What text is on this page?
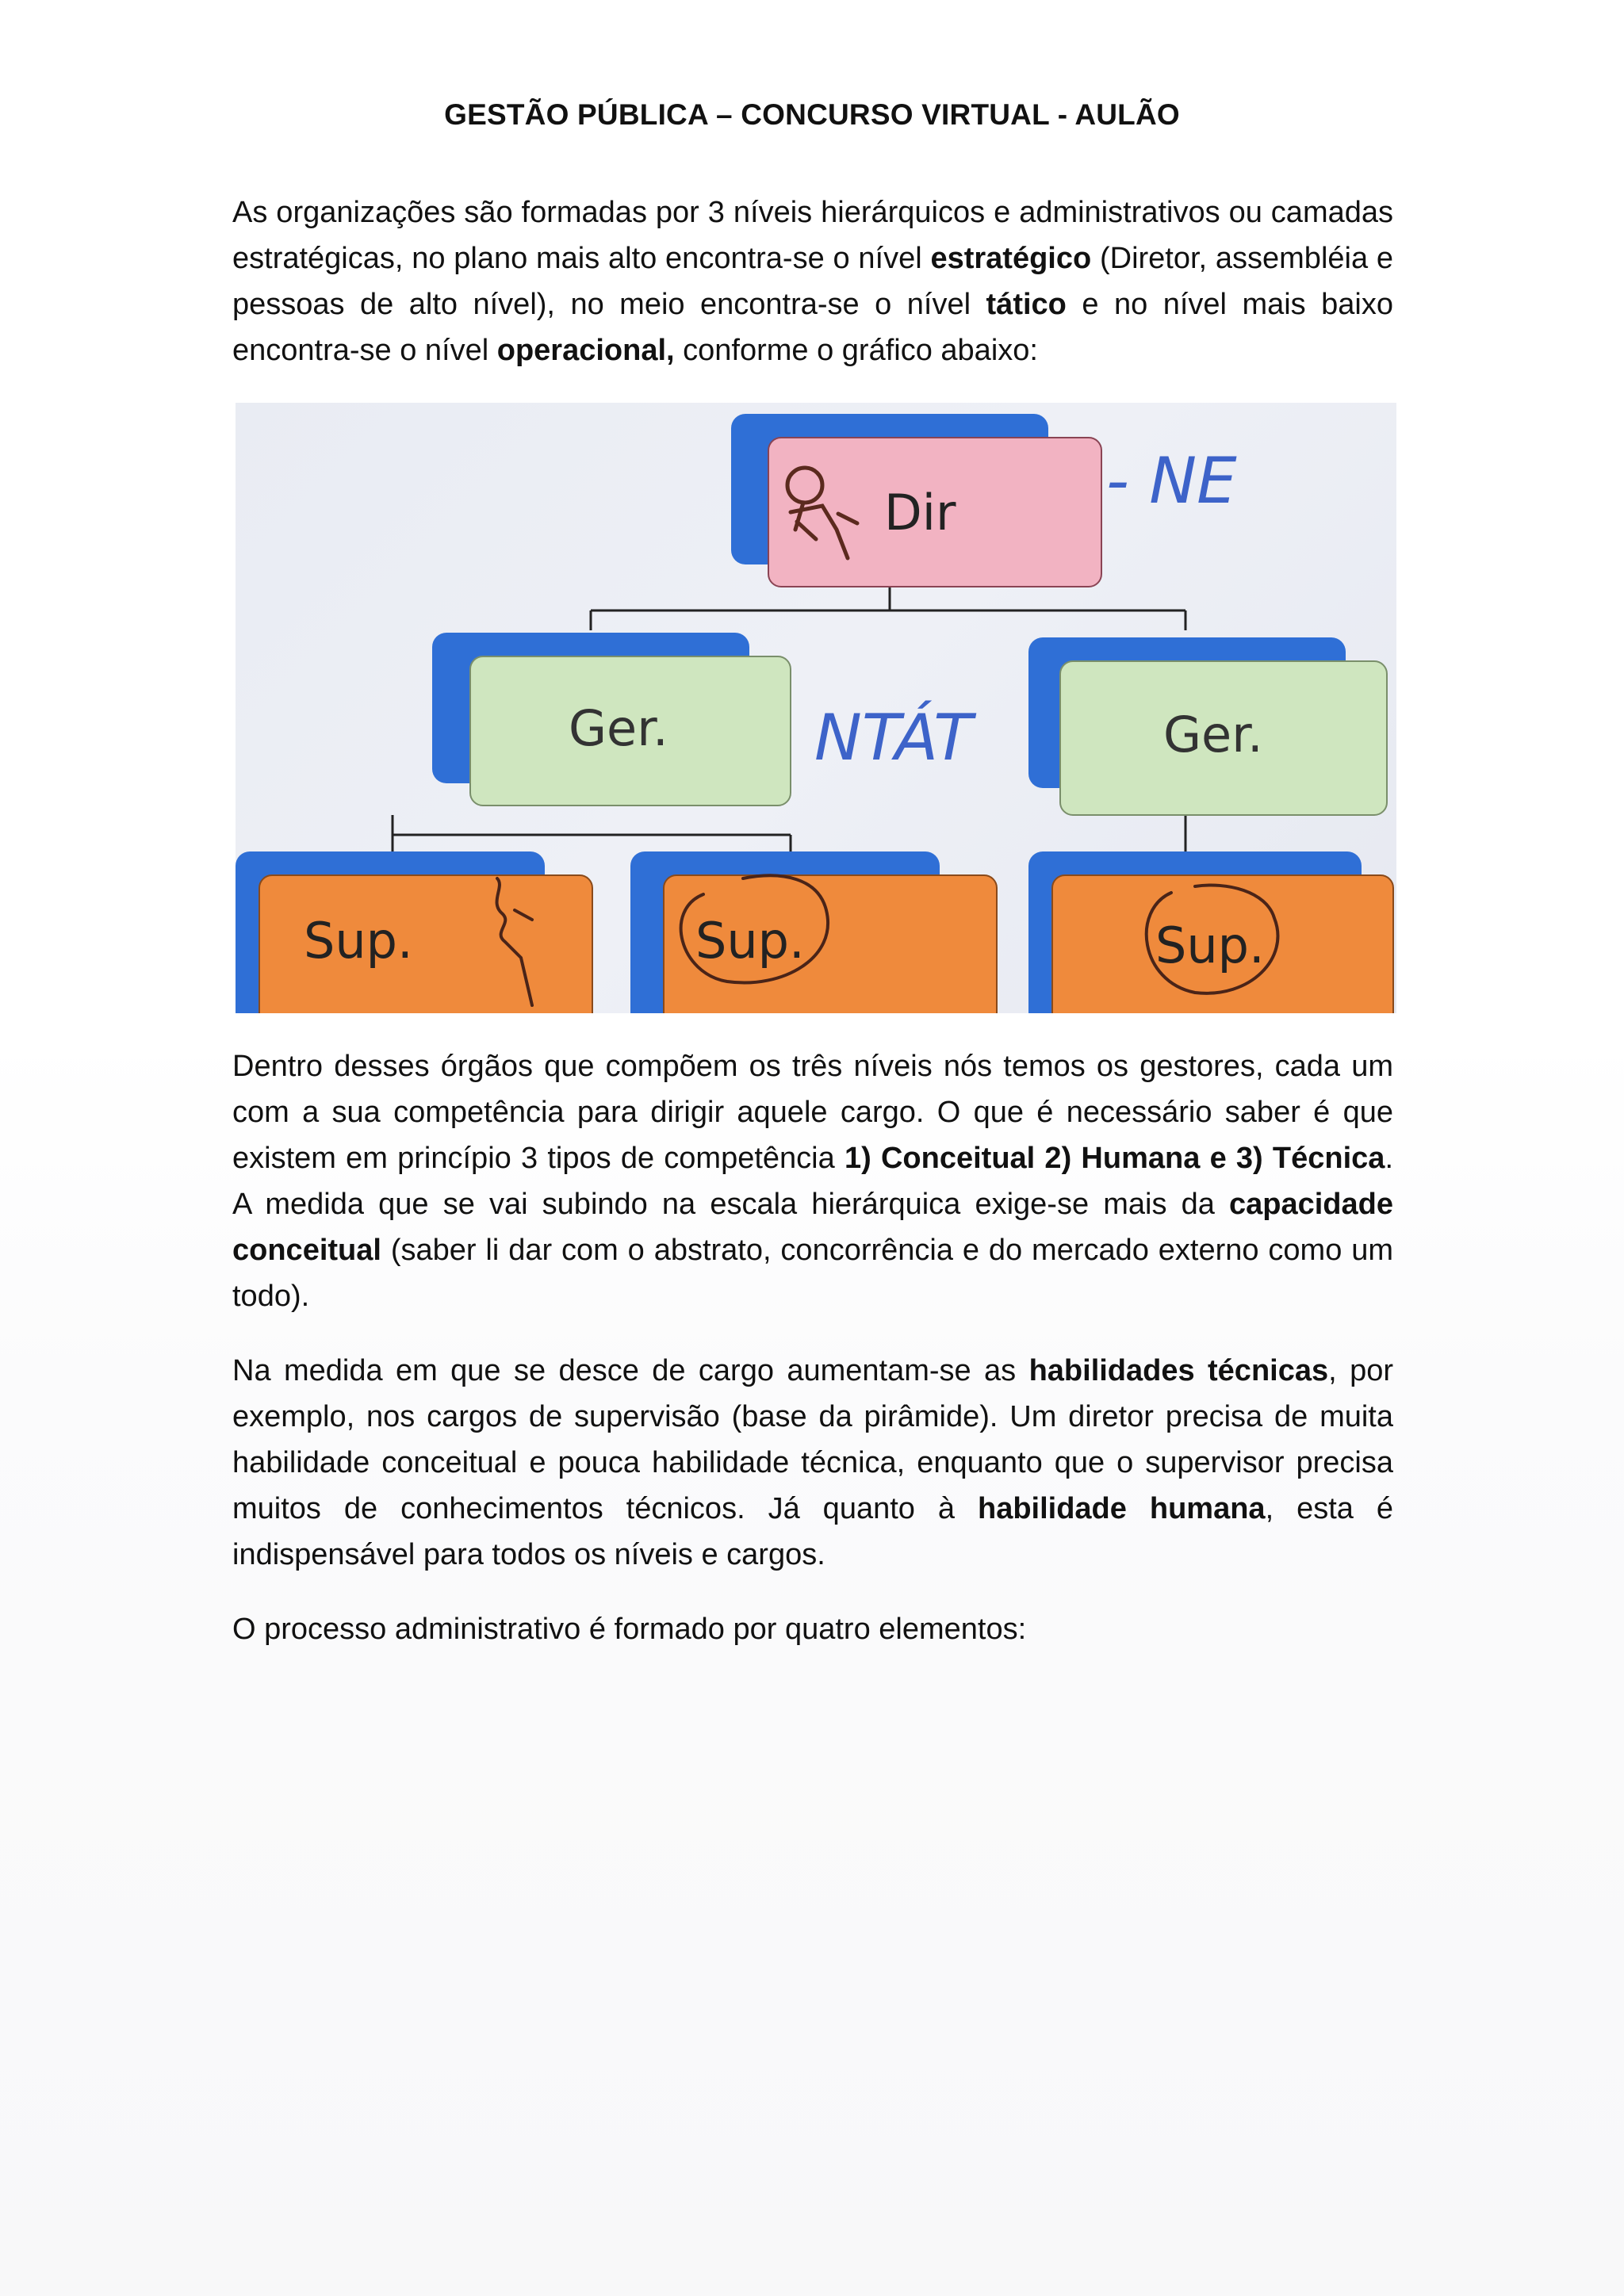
GESTÃO PÚBLICA – CONCURSO VIRTUAL - AULÃO

As organizações são formadas por 3 níveis hierárquicos e administrativos ou camadas estratégicas, no plano mais alto encontra-se o nível estratégico (Diretor, assembléia e pessoas de alto nível), no meio encontra-se o nível tático e no nível mais baixo encontra-se o nível operacional, conforme o gráfico abaixo:

Dir - NE
Ger. NTÁT	Ger.
Sup.	Sup.	Sup.

Dentro desses órgãos que compõem os três níveis nós temos os gestores, cada um com a sua competência para dirigir aquele cargo. O que é necessário saber é que existem em princípio 3 tipos de competência 1) Conceitual 2) Humana e 3) Técnica. A medida que se vai subindo na escala hierárquica exige-se mais da capacidade conceitual (saber li dar com o abstrato, concorrência e do mercado externo como um todo).

Na medida em que se desce de cargo aumentam-se as habilidades técnicas, por exemplo, nos cargos de supervisão (base da pirâmide). Um diretor precisa de muita habilidade conceitual e pouca habilidade técnica, enquanto que o supervisor precisa muitos de conhecimentos técnicos. Já quanto à habilidade humana, esta é indispensável para todos os níveis e cargos.

O processo administrativo é formado por quatro elementos:
